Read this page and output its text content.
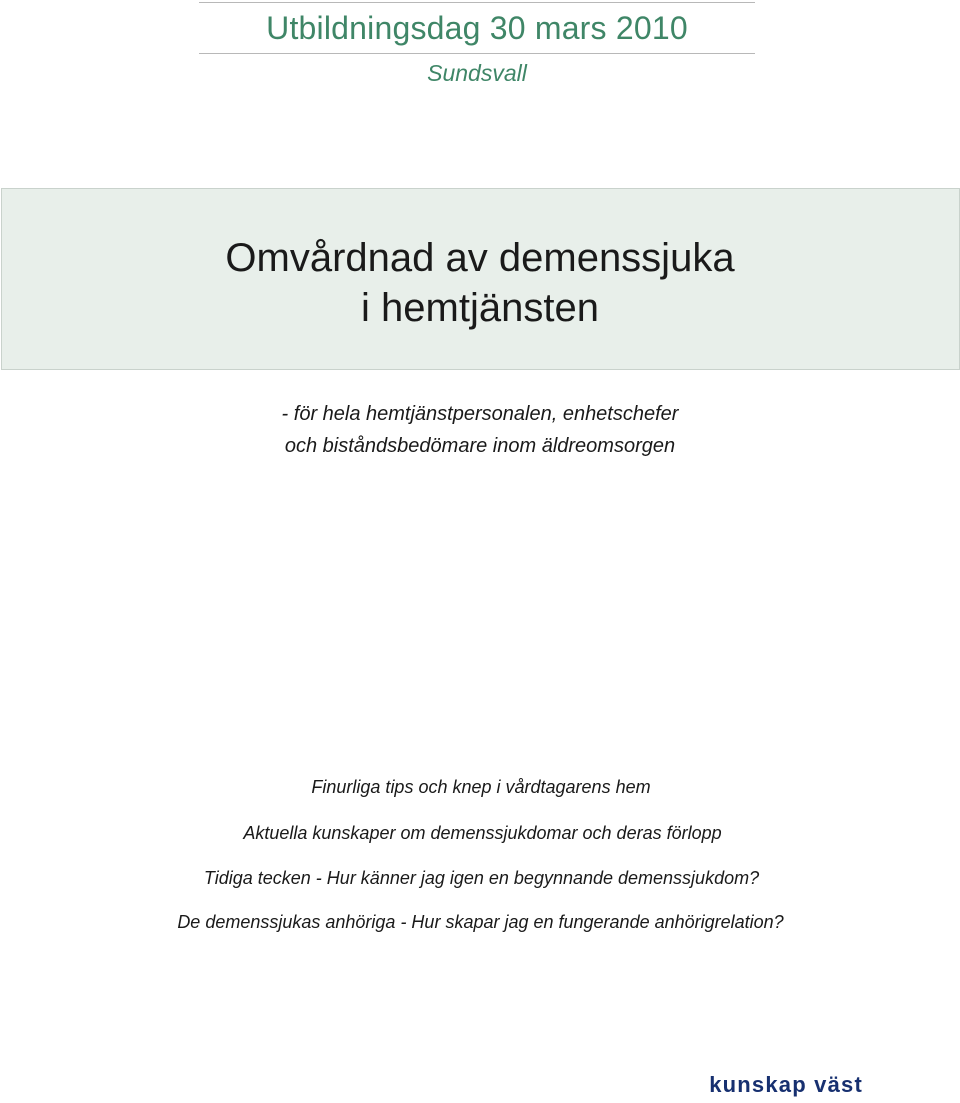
Utbildningsdag 30 mars 2010
Sundsvall
Omvårdnad av demenssjuka
i hemtjänsten
- för hela hemtjänstpersonalen, enhetschefer
och biståndsbedömare inom äldreomsorgen
Finurliga tips och knep i vårdtagarens hem
Aktuella kunskaper om demenssjukdomar och deras förlopp
Tidiga tecken - Hur känner jag igen en begynnande demenssjukdom?
De demenssjukas anhöriga - Hur skapar jag en fungerande anhörigrelation?
kunskap väst
